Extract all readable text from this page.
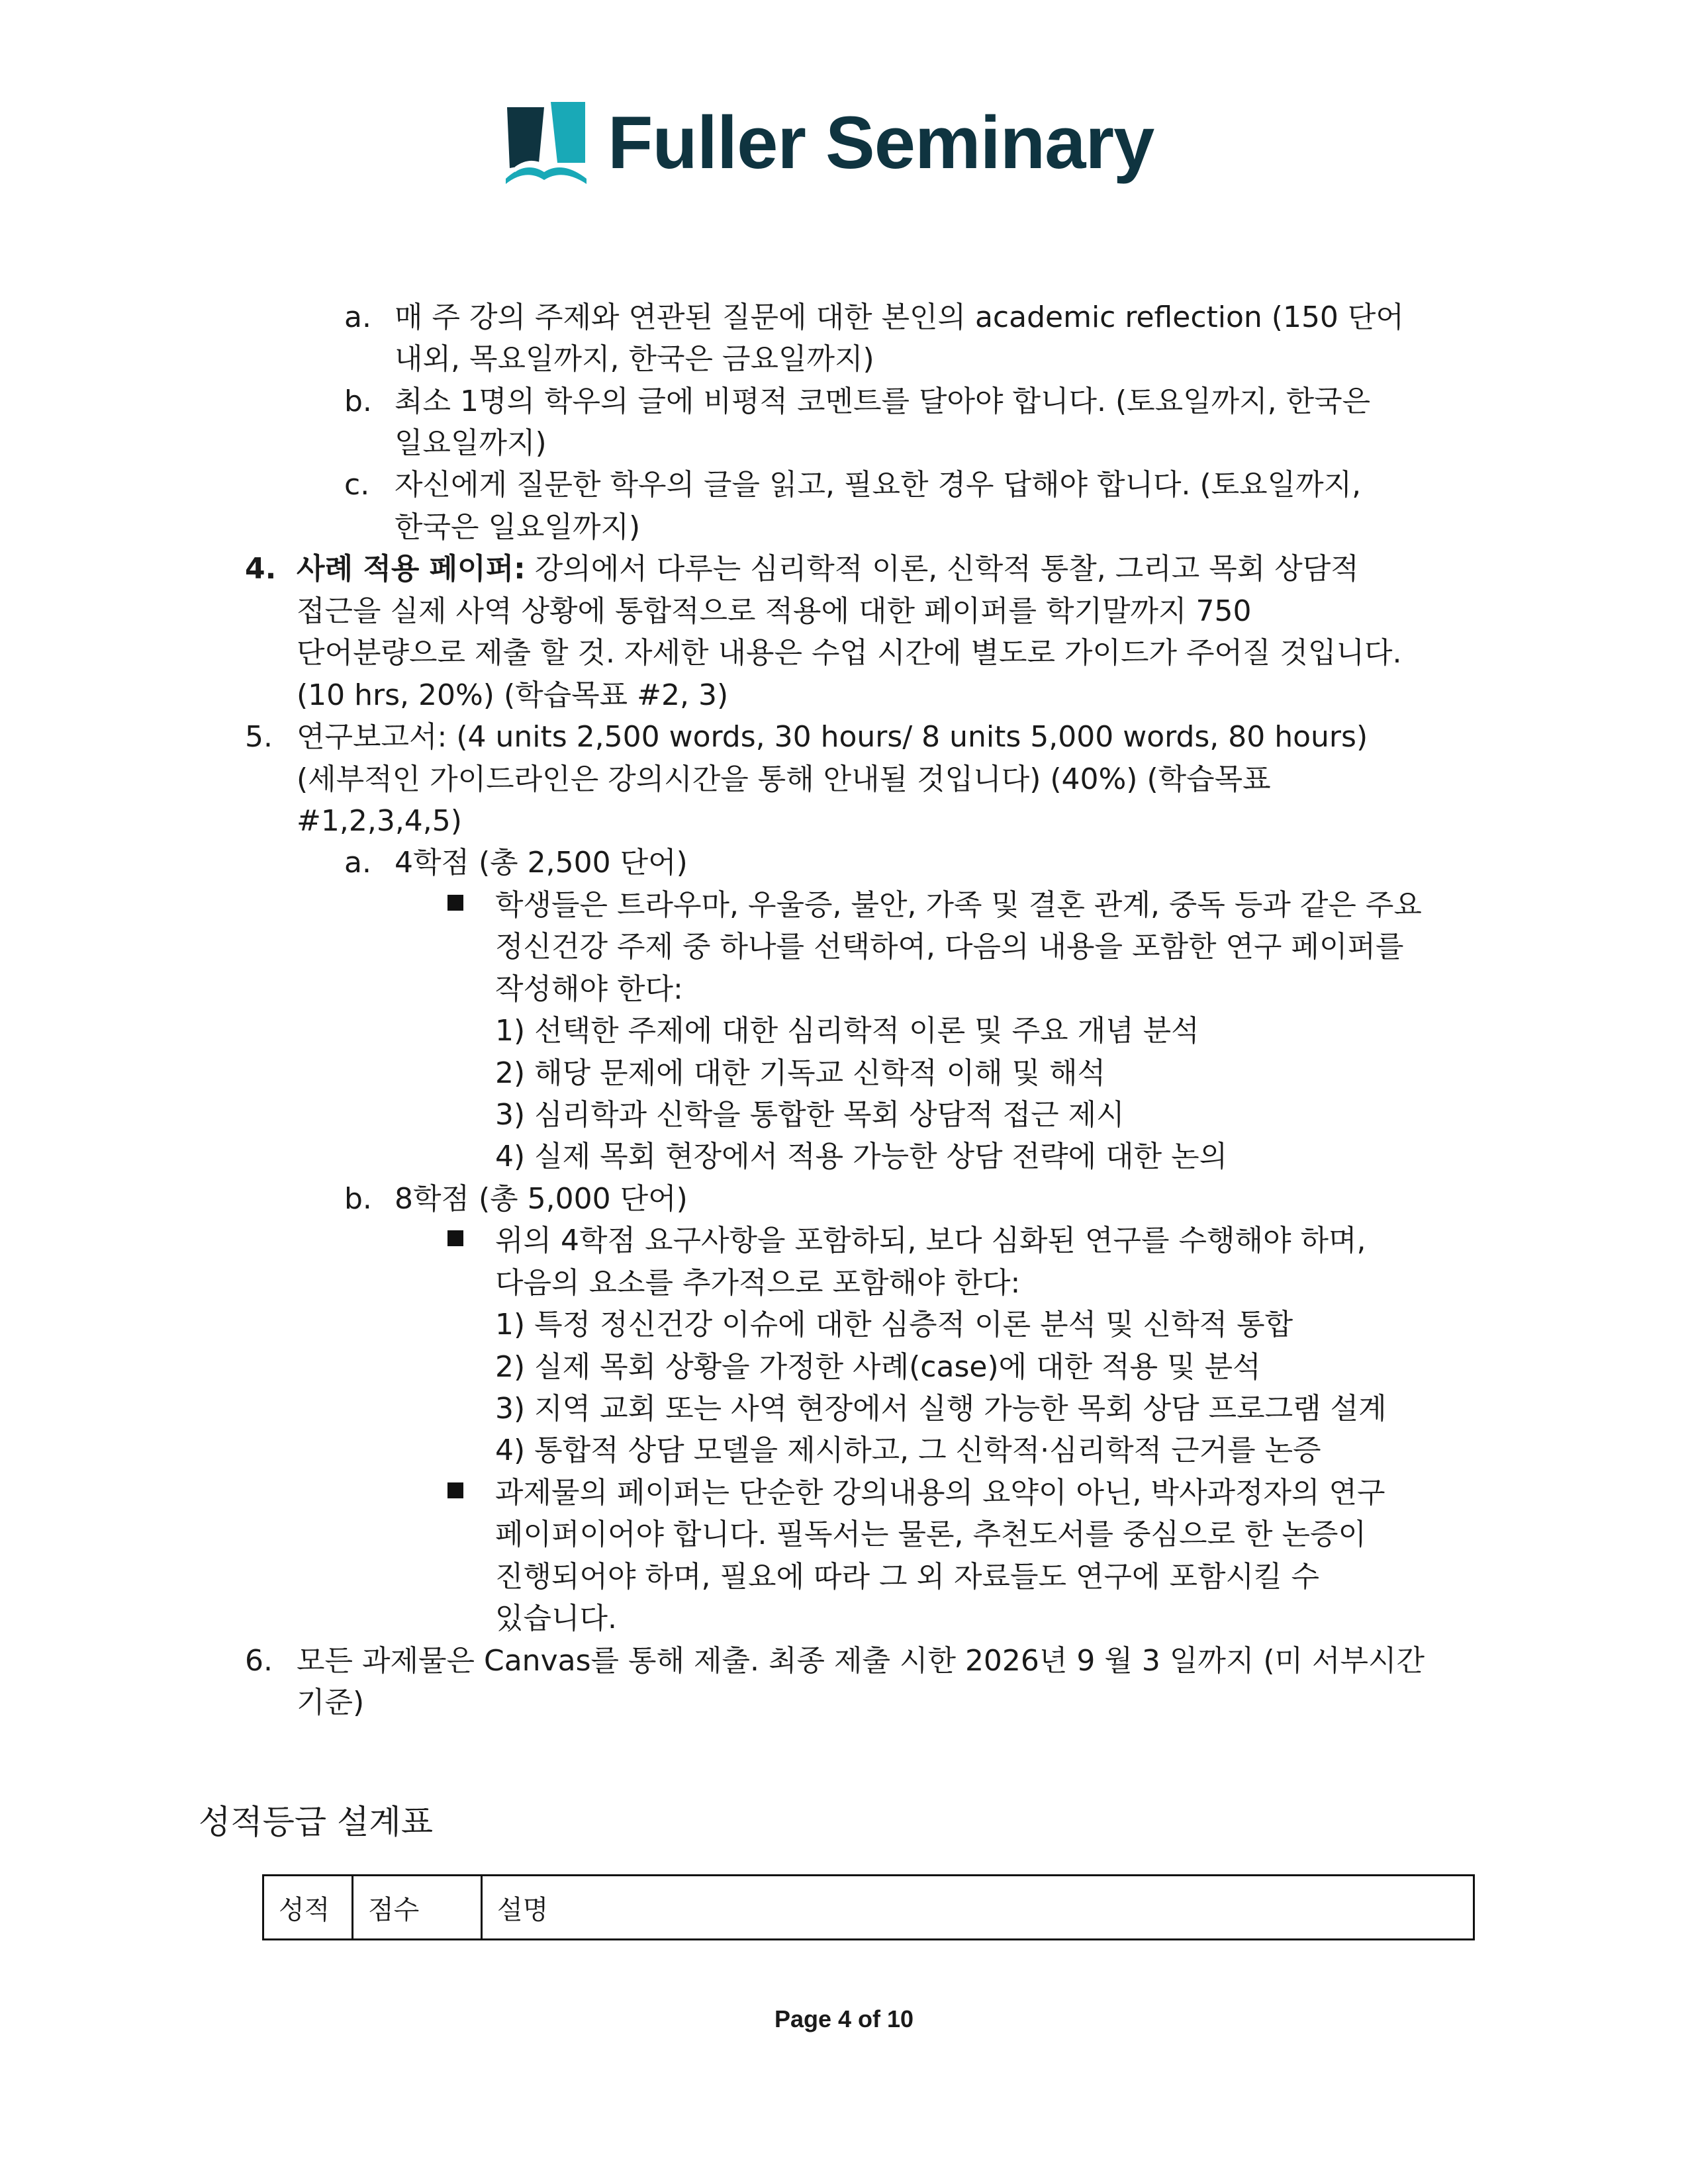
Fuller Seminary
a. 매 주 강의 주제와 연관된 질문에 대한 본인의 academic reflection (150 단어
내외, 목요일까지, 한국은 금요일까지)
b. 최소 1명의 학우의 글에 비평적 코멘트를 달아야 합니다. (토요일까지, 한국은
일요일까지)
c. 자신에게 질문한 학우의 글을 읽고, 필요한 경우 답해야 합니다. (토요일까지,
한국은 일요일까지)
4. 사례 적용 페이퍼: 강의에서 다루는 심리학적 이론, 신학적 통찰, 그리고 목회 상담적
접근을 실제 사역 상황에 통합적으로 적용에 대한 페이퍼를 학기말까지 750
단어분량으로 제출 할 것. 자세한 내용은 수업 시간에 별도로 가이드가 주어질 것입니다.
(10 hrs, 20%) (학습목표 #2, 3)
5. 연구보고서: (4 units 2,500 words, 30 hours/ 8 units 5,000 words, 80 hours)
(세부적인 가이드라인은 강의시간을 통해 안내될 것입니다) (40%) (학습목표
#1,2,3,4,5)
a. 4학점 (총 2,500 단어)
학생들은 트라우마, 우울증, 불안, 가족 및 결혼 관계, 중독 등과 같은 주요
정신건강 주제 중 하나를 선택하여, 다음의 내용을 포함한 연구 페이퍼를
작성해야 한다:
1) 선택한 주제에 대한 심리학적 이론 및 주요 개념 분석
2) 해당 문제에 대한 기독교 신학적 이해 및 해석
3) 심리학과 신학을 통합한 목회 상담적 접근 제시
4) 실제 목회 현장에서 적용 가능한 상담 전략에 대한 논의
b. 8학점 (총 5,000 단어)
위의 4학점 요구사항을 포함하되, 보다 심화된 연구를 수행해야 하며,
다음의 요소를 추가적으로 포함해야 한다:
1) 특정 정신건강 이슈에 대한 심층적 이론 분석 및 신학적 통합
2) 실제 목회 상황을 가정한 사례(case)에 대한 적용 및 분석
3) 지역 교회 또는 사역 현장에서 실행 가능한 목회 상담 프로그램 설계
4) 통합적 상담 모델을 제시하고, 그 신학적·심리학적 근거를 논증
과제물의 페이퍼는 단순한 강의내용의 요약이 아닌, 박사과정자의 연구
페이퍼이어야 합니다. 필독서는 물론, 추천도서를 중심으로 한 논증이
진행되어야 하며, 필요에 따라 그 외 자료들도 연구에 포함시킬 수
있습니다.
6. 모든 과제물은 Canvas를 통해 제출. 최종 제출 시한 2026년 9 월 3 일까지 (미 서부시간
기준)
성적등급 설계표
성적	점수	설명
Page 4 of 10
